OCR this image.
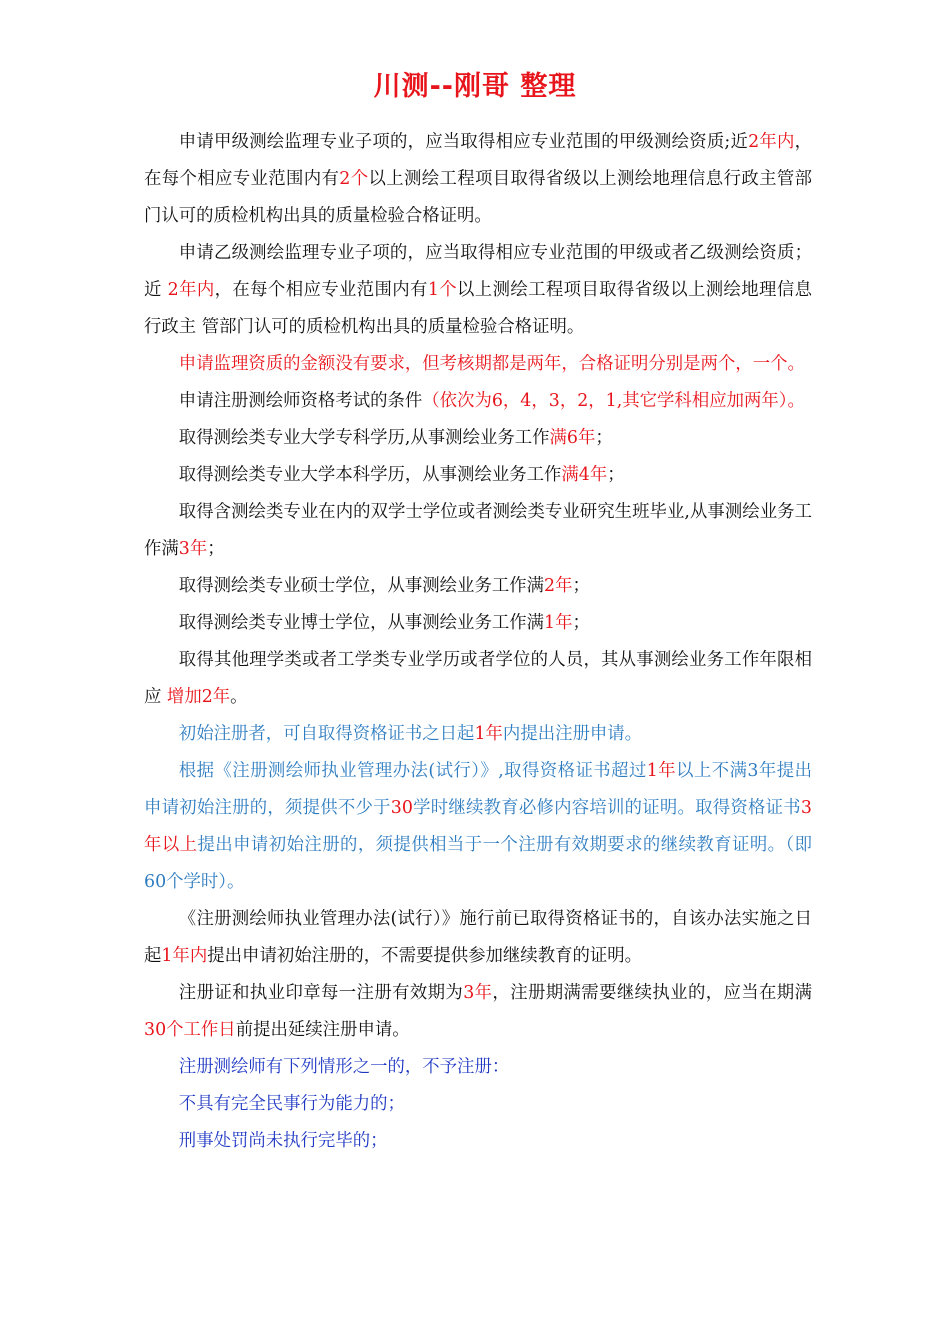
川测--刚哥 整理

申请甲级测绘监理专业子项的，应当取得相应专业范围的甲级测绘资质;近2年内，在每个相应专业范围内有2个以上测绘工程项目取得省级以上测绘地理信息行政主管部门认可的质检机构出具的质量检验合格证明。

申请乙级测绘监理专业子项的，应当取得相应专业范围的甲级或者乙级测绘资质；近 2年内，在每个相应专业范围内有1个以上测绘工程项目取得省级以上测绘地理信息行政主 管部门认可的质检机构出具的质量检验合格证明。

申请监理资质的金额没有要求，但考核期都是两年，合格证明分别是两个，一个。

申请注册测绘师资格考试的条件（依次为6，4，3，2，1,其它学科相应加两年）。

取得测绘类专业大学专科学历,从事测绘业务工作满6年；

取得测绘类专业大学本科学历，从事测绘业务工作满4年；

取得含测绘类专业在内的双学士学位或者测绘类专业研究生班毕业,从事测绘业务工作满3年；

取得测绘类专业硕士学位，从事测绘业务工作满2年；

取得测绘类专业博士学位，从事测绘业务工作满1年；

取得其他理学类或者工学类专业学历或者学位的人员，其从事测绘业务工作年限相应 增加2年。

初始注册者，可自取得资格证书之日起1年内提出注册申请。

根据《注册测绘师执业管理办法(试行）》,取得资格证书超过1年以上不满3年提出申请初始注册的，须提供不少于30学时继续教育必修内容培训的证明。取得资格证书3年以上提出申请初始注册的，须提供相当于一个注册有效期要求的继续教育证明。（即60个学时）。

《注册测绘师执业管理办法(试行）》施行前已取得资格证书的，自该办法实施之日起1年内提出申请初始注册的，不需要提供参加继续教育的证明。

注册证和执业印章每一注册有效期为3年，注册期满需要继续执业的，应当在期满30个工作日前提出延续注册申请。

注册测绘师有下列情形之一的，不予注册：

不具有完全民事行为能力的；

刑事处罚尚未执行完毕的；
